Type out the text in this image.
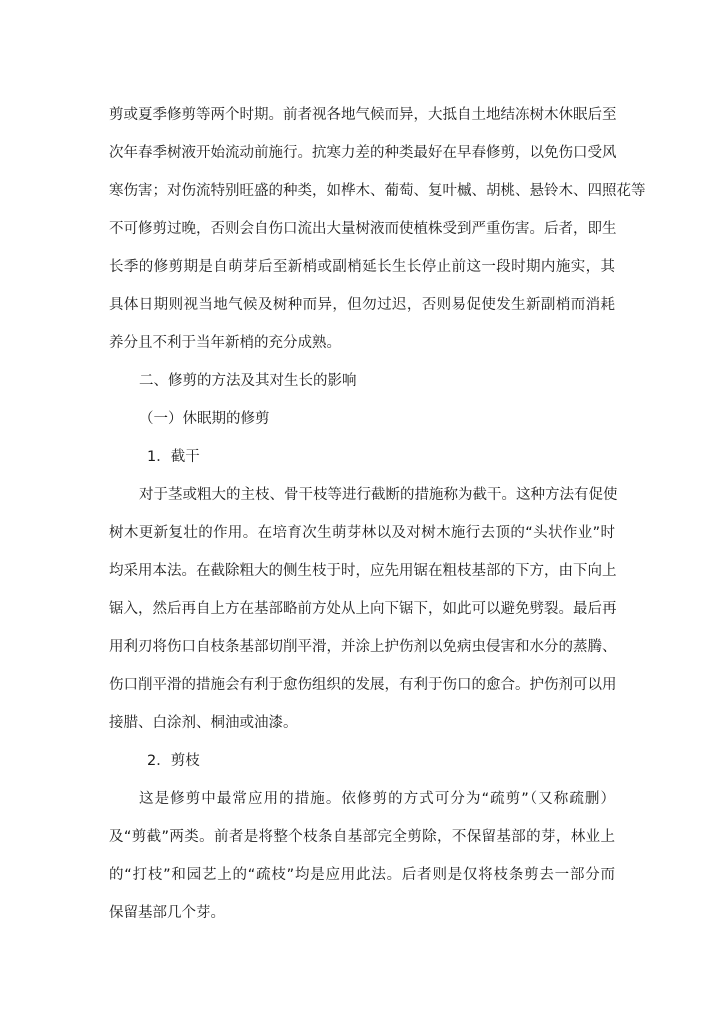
剪或夏季修剪等两个时期。前者视各地气候而异，大抵自土地结冻树木休眠后至
次年春季树液开始流动前施行。抗寒力差的种类最好在早春修剪，以免伤口受风
寒伤害；对伤流特别旺盛的种类，如桦木、葡萄、复叶槭、胡桃、悬铃木、四照花等
不可修剪过晚，否则会自伤口流出大量树液而使植株受到严重伤害。后者，即生
长季的修剪期是自萌芽后至新梢或副梢延长生长停止前这一段时期内施实，其
具体日期则视当地气候及树种而异，但勿过迟，否则易促使发生新副梢而消耗
养分且不利于当年新梢的充分成熟。
二、修剪的方法及其对生长的影响
（一）休眠期的修剪
1．截干
对于茎或粗大的主枝、骨干枝等进行截断的措施称为截干。这种方法有促使
树木更新复壮的作用。在培育次生萌芽林以及对树木施行去顶的“头状作业”时
均采用本法。在截除粗大的侧生枝于时，应先用锯在粗枝基部的下方，由下向上
锯入，然后再自上方在基部略前方处从上向下锯下，如此可以避免劈裂。最后再
用利刃将伤口自枝条基部切削平滑，并涂上护伤剂以免病虫侵害和水分的蒸腾、
伤口削平滑的措施会有利于愈伤组织的发展，有利于伤口的愈合。护伤剂可以用
接腊、白涂剂、桐油或油漆。
2．剪枝
这是修剪中最常应用的措施。依修剪的方式可分为“疏剪”（又称疏删）
及“剪截”两类。前者是将整个枝条自基部完全剪除，不保留基部的芽，林业上
的“打枝”和园艺上的“疏枝”均是应用此法。后者则是仅将枝条剪去一部分而
保留基部几个芽。
